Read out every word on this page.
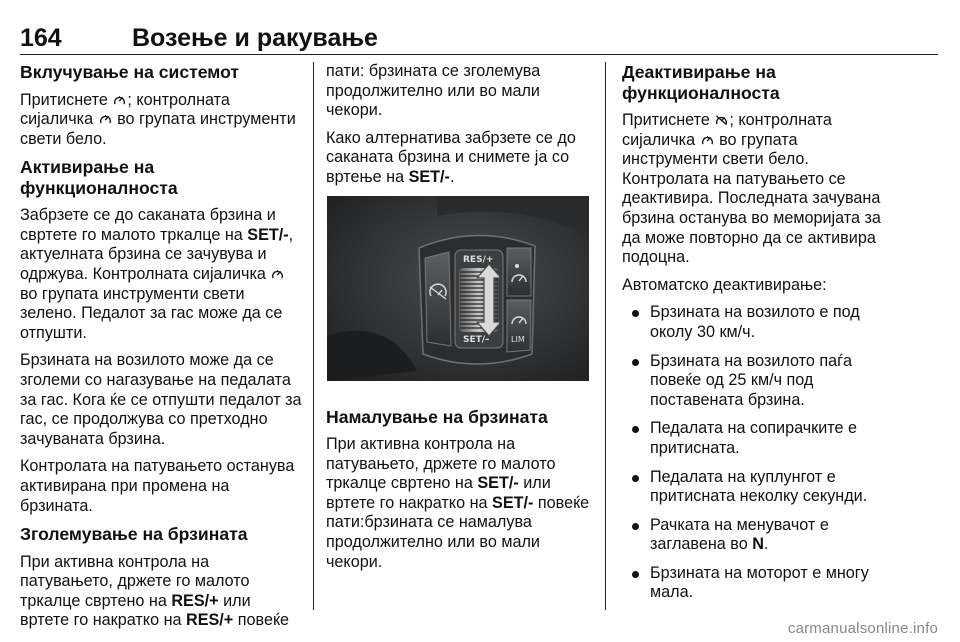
164	Возење и ракување
Вклучување на системот

Притиснете ; контролната сијаличка  во групата инструменти свети бело.

Активирање на функционалноста

Забрзете се до саканата брзина и свртете го малото тркалце на SET/-, актуелната брзина се зачувува и одржува. Контролната сијаличка  во групата инструменти свети зелено. Педалот за гас може да се отпушти.

Брзината на возилото може да се зголеми со нагазување на педалата за гас. Кога ќе се отпушти педалот за гас, се продолжува со претходно зачуваната брзина.

Контролата на патувањето останува активирана при промена на брзината.

Зголемување на брзината

При активна контрола на патувањето, држете го малото тркалце свртено на RES/+ или вртете го накратко на RES/+ повеќе

пати: брзината се зголемува продолжително или во мали чекори.

Како алтернатива забрзете се до саканата брзина и снимете ја со вртење на SET/-.

RES/+
SET/–	LIM
Намалување на брзината

При активна контрола на патувањето, држете го малото тркалце свртено на SET/- или вртете го накратко на SET/- повеќе пати:брзината се намалува продолжително или во мали чекори.

Деактивирање на функционалноста

Притиснете ; контролната сијаличка  во групата инструменти свети бело. Контролата на патувањето се деактивира. Последната зачувана брзина останува во меморијата за да може повторно да се активира подоцна.

Автоматско деактивирање:

Брзината на возилото е под околу 30 км/ч.
Брзината на возилото паѓа повеќе од 25 км/ч под поставената брзина.
Педалата на сопирачките е притисната.
Педалата на куплунгот е притисната неколку секунди.
Рачката на менувачот е заглавена во N.
Брзината на моторот е многу мала.
carmanualsonline.info
